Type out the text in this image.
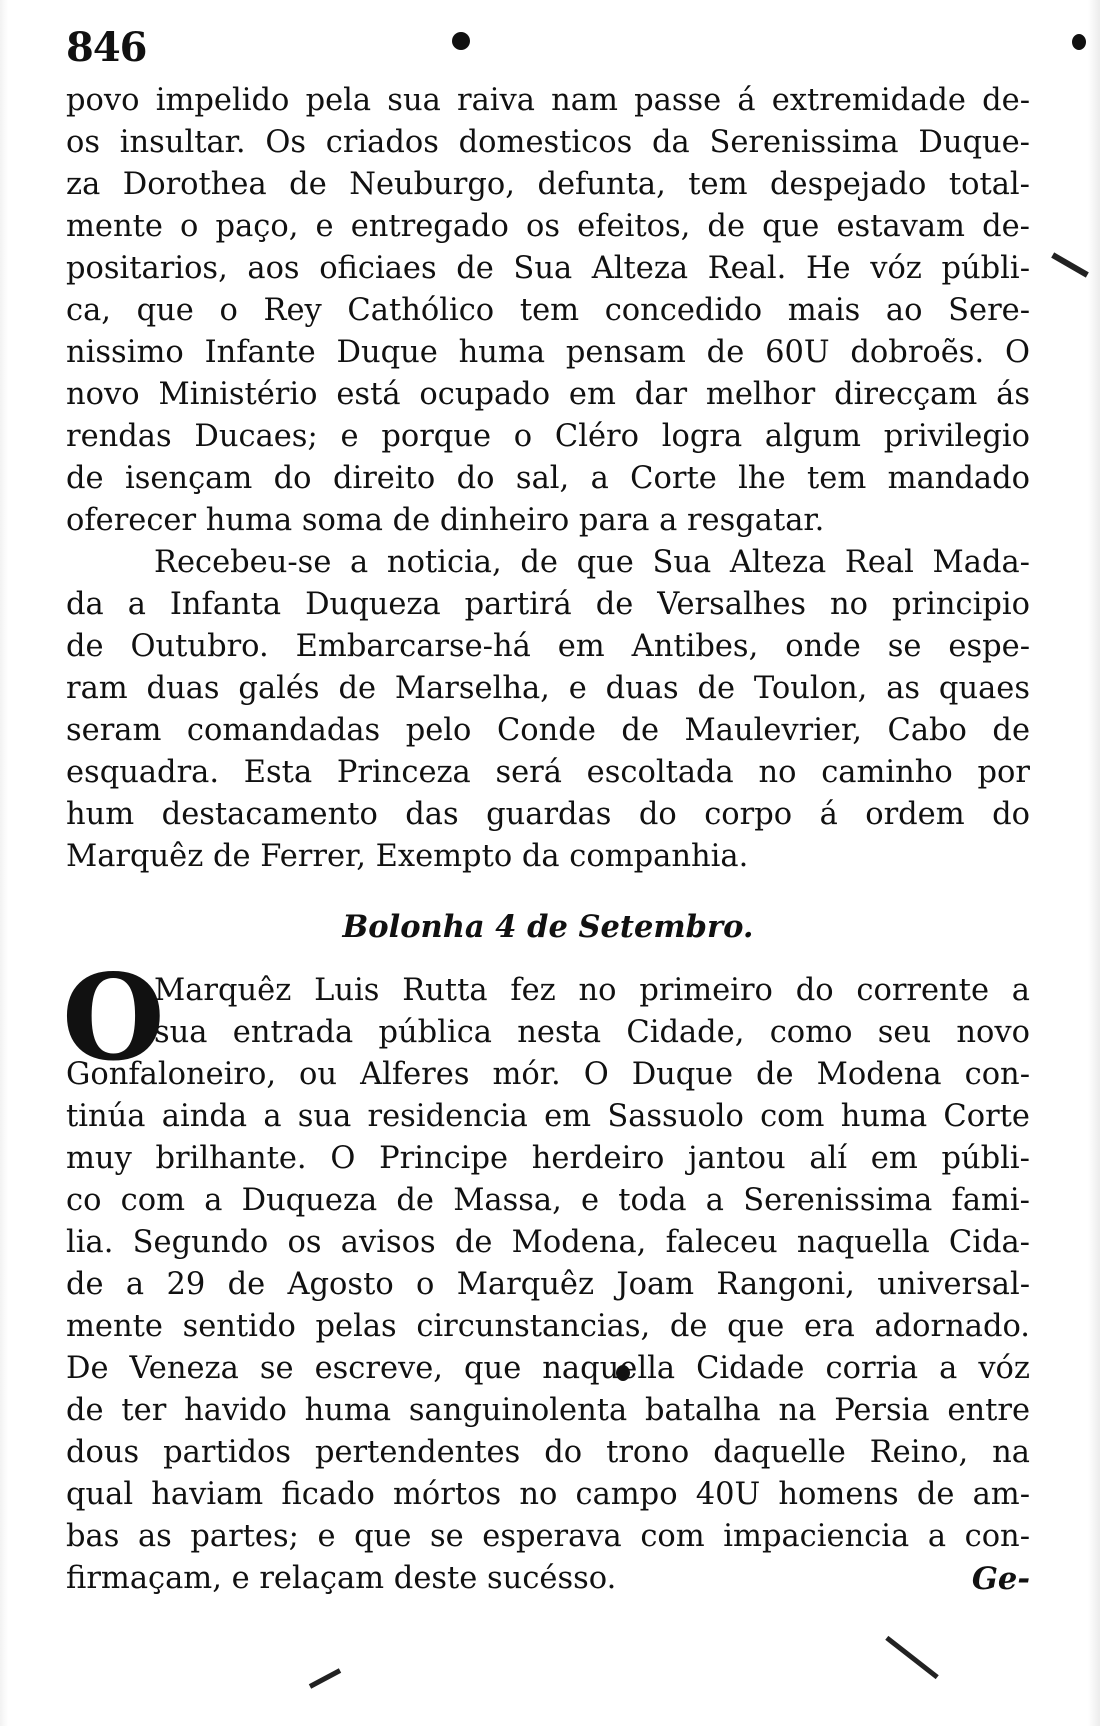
846
povo impelido pela sua raiva nam passe á extremidade de-
os insultar. Os criados domesticos da Serenissima Duque-
za Dorothea de Neuburgo, defunta, tem despejado total-
mente o paço, e entregado os efeitos, de que estavam de-
positarios, aos oficiaes de Sua Alteza Real. He vóz públi-
ca, que o Rey Cathólico tem concedido mais ao Sere-
nissimo Infante Duque huma pensam de 60U dobroẽs. O
novo Ministério está ocupado em dar melhor direcçam ás
rendas Ducaes; e porque o Cléro logra algum privilegio
de isençam do direito do sal, a Corte lhe tem mandado
oferecer huma soma de dinheiro para a resgatar.
Recebeu-se a noticia, de que Sua Alteza Real Mada-
da a Infanta Duqueza partirá de Versalhes no principio
de Outubro. Embarcarse-há em Antibes, onde se espe-
ram duas galés de Marselha, e duas de Toulon, as quaes
seram comandadas pelo Conde de Maulevrier, Cabo de
esquadra. Esta Princeza será escoltada no caminho por
hum destacamento das guardas do corpo á ordem do
Marquêz de Ferrer, Exempto da companhia.
Bolonha 4 de Setembro.
O
Marquêz Luis Rutta fez no primeiro do corrente a
sua entrada pública nesta Cidade, como seu novo
Gonfaloneiro, ou Alferes mór. O Duque de Modena con-
tinúa ainda a sua residencia em Sassuolo com huma Corte
muy brilhante. O Principe herdeiro jantou alí em públi-
co com a Duqueza de Massa, e toda a Serenissima fami-
lia. Segundo os avisos de Modena, faleceu naquella Cida-
de a 29 de Agosto o Marquêz Joam Rangoni, universal-
mente sentido pelas circunstancias, de que era adornado.
De Veneza se escreve, que naquella Cidade corria a vóz
de ter havido huma sanguinolenta batalha na Persia entre
dous partidos pertendentes do trono daquelle Reino, na
qual haviam ficado mórtos no campo 40U homens de am-
bas as partes; e que se esperava com impaciencia a con-
firmaçam, e relaçam deste sucésso.	Ge-
